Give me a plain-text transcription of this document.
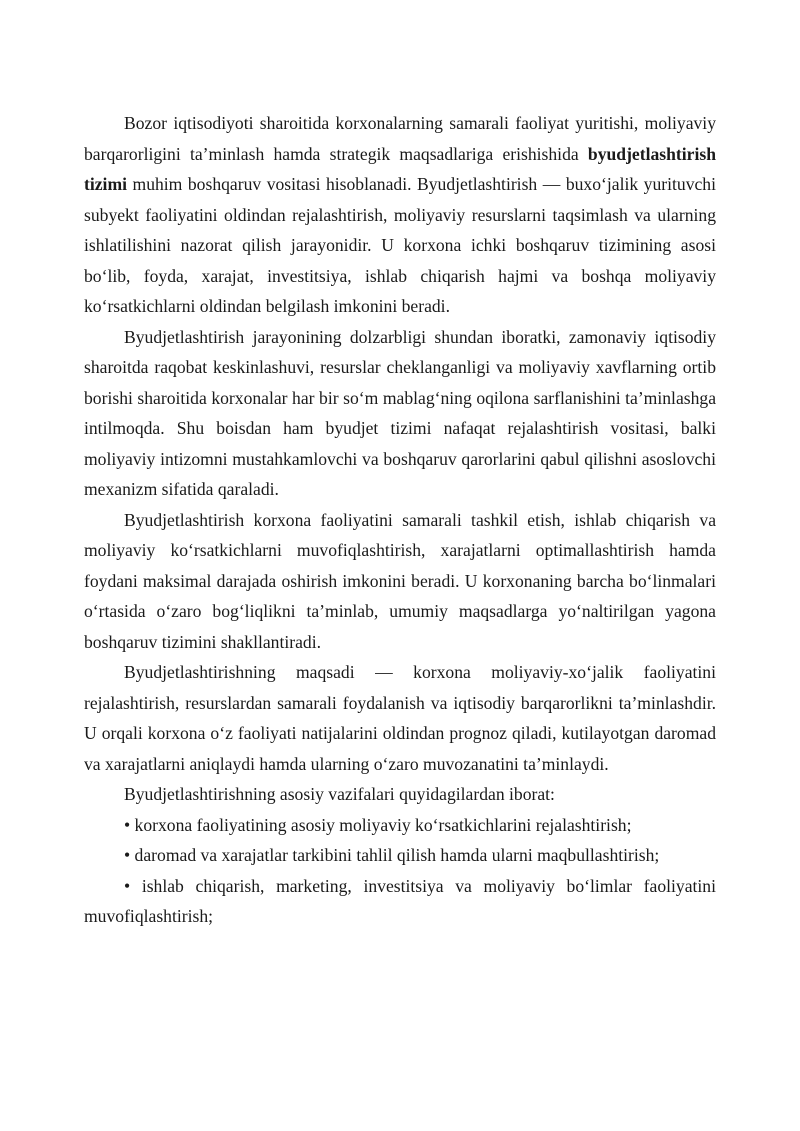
Bozor iqtisodiyoti sharoitida korxonalarning samarali faoliyat yuritishi, moliyaviy barqarorligini ta’minlash hamda strategik maqsadlariga erishishida byudjetlashtirish tizimi muhim boshqaruv vositasi hisoblanadi. Byudjetlashtirish — buxo‘jalik yurituvchi subyekt faoliyatini oldindan rejalashtirish, moliyaviy resurslarni taqsimlash va ularning ishlatilishini nazorat qilish jarayonidir. U korxona ichki boshqaruv tizimining asosi bo‘lib, foyda, xarajat, investitsiya, ishlab chiqarish hajmi va boshqa moliyaviy ko‘rsatkichlarni oldindan belgilash imkonini beradi.

Byudjetlashtirish jarayonining dolzarbligi shundan iboratki, zamonaviy iqtisodiy sharoitda raqobat keskinlashuvi, resurslar cheklanganligi va moliyaviy xavflarning ortib borishi sharoitida korxonalar har bir so‘m mablag‘ning oqilona sarflanishini ta’minlashga intilmoqda. Shu boisdan ham byudjet tizimi nafaqat rejalashtirish vositasi, balki moliyaviy intizomni mustahkamlovchi va boshqaruv qarorlarini qabul qilishni asoslovchi mexanizm sifatida qaraladi.

Byudjetlashtirish korxona faoliyatini samarali tashkil etish, ishlab chiqarish va moliyaviy ko‘rsatkichlarni muvofiqlashtirish, xarajatlarni optimallashtirish hamda foydani maksimal darajada oshirish imkonini beradi. U korxonaning barcha bo‘linmalari o‘rtasida o‘zaro bog‘liqlikni ta’minlab, umumiy maqsadlarga yo‘naltirilgan yagona boshqaruv tizimini shakllantiradi.

Byudjetlashtirishning maqsadi — korxona moliyaviy-xo‘jalik faoliyatini rejalashtirish, resurslardan samarali foydalanish va iqtisodiy barqarorlikni ta’minlashdir. U orqali korxona o‘z faoliyati natijalarini oldindan prognoz qiladi, kutilayotgan daromad va xarajatlarni aniqlaydi hamda ularning o‘zaro muvozanatini ta’minlaydi.

Byudjetlashtirishning asosiy vazifalari quyidagilardan iborat:

• korxona faoliyatining asosiy moliyaviy ko‘rsatkichlarini rejalashtirish;

• daromad va xarajatlar tarkibini tahlil qilish hamda ularni maqbullashtirish;

• ishlab chiqarish, marketing, investitsiya va moliyaviy bo‘limlar faoliyatini muvofiqlashtirish;
